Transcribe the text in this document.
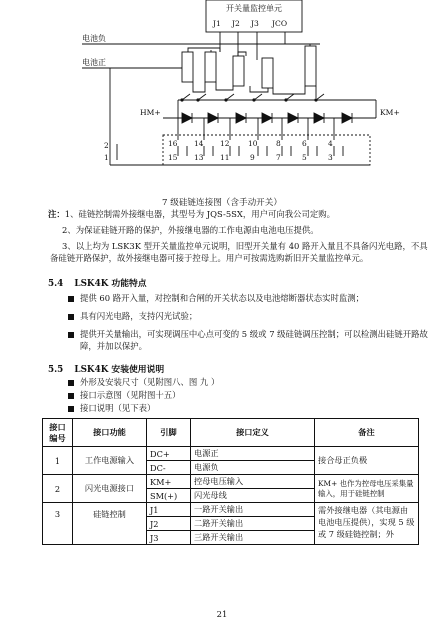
开关量监控单元
J1 J2 J3 JCO
电池负
电池正
HM+	KM+
16 14 12	10	8	6	4
15 13 11	9	7	5	3
2
1
7 级硅链连接图（含手动开关）
注：1、硅链控制需外接继电器，其型号为 JQS-5SX，用户可向我公司定购。
2、为保证硅链开路的保护，外接继电器的工作电源由电池电压提供。
3、以上均为 LSK3K 型开关量监控单元说明，旧型开关量有 40 路开入量且不具备闪光电路，不具备硅链开路保护，故外接继电器可接于控母上。用户可按需选购新旧开关量监控单元。
5.4 LSK4K 功能特点
提供 60 路开入量，对控制和合闸的开关状态以及电池熔断器状态实时监测；
具有闪光电路，支持闪光试验；
提供开关量输出，可实现调压中心点可变的 5 级或 7 级硅链调压控制；可以检测出硅链开路故障，并加以保护。
5.5 LSK4K 安装使用说明
外形及安装尺寸（见附图八、图 九 ）
接口示意图（见附图十五）
接口说明（见下表）
接口编号	接口功能	引脚	接口定义	备注
1	工作电源输入	DC+	电源正	接合母正负极
		DC-	电源负	
2	闪光电源接口	KM+	控母电压输入	KM+ 也作为控母电压采集量输入，用于硅链控制
		SM(+)	闪光母线	
3	硅链控制	J1	一路开关输出	需外接继电器（其电源由电池电压提供），实现 5 级或 7 级硅链控制；外
		J2	二路开关输出	
		J3	三路开关输出	
21
